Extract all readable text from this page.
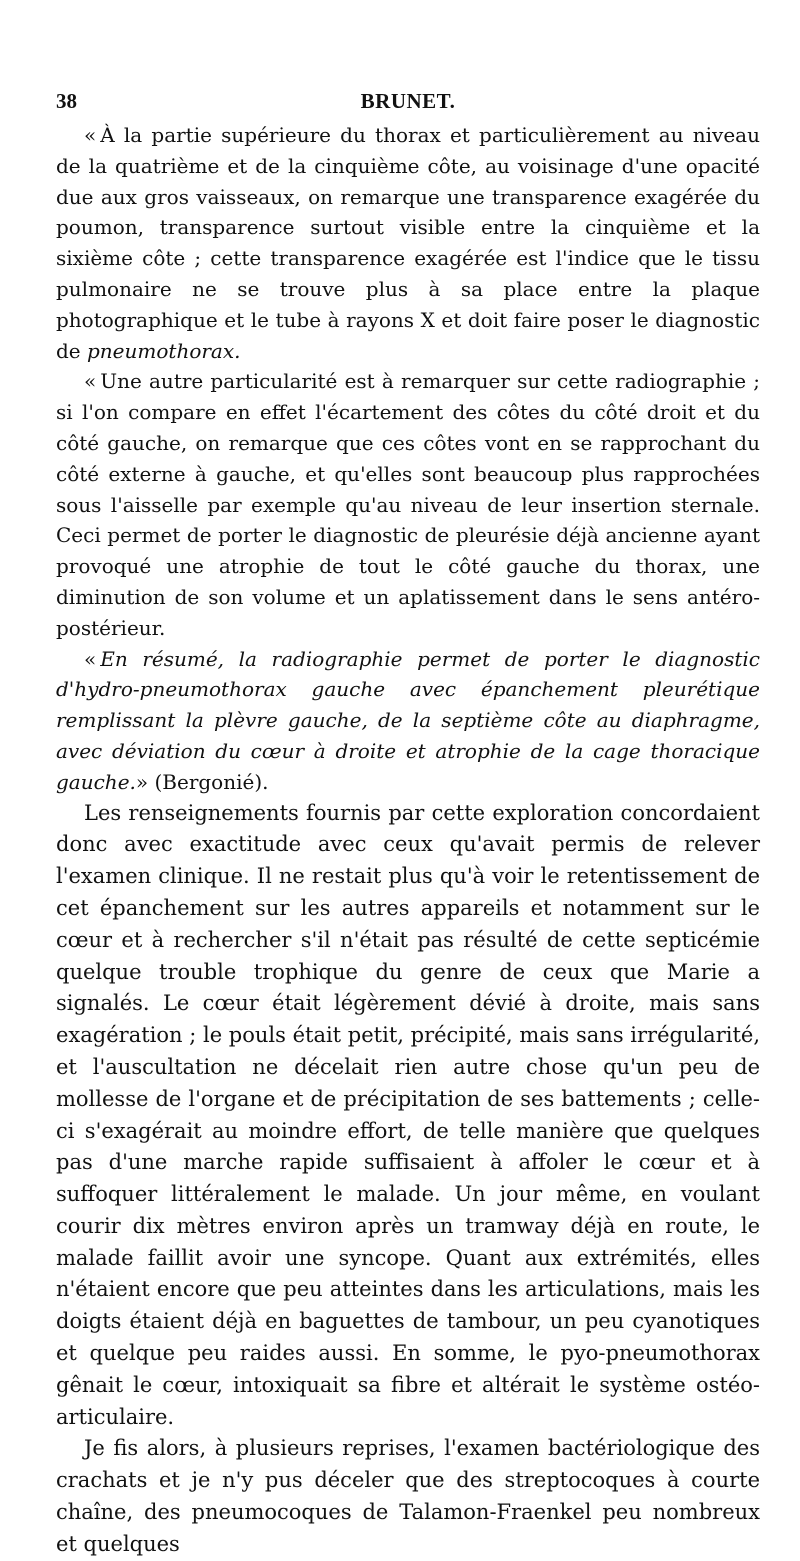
38	BRUNET.

« À la partie supérieure du thorax et particulièrement au niveau de la quatrième et de la cinquième côte, au voisinage d'une opacité due aux gros vaisseaux, on remarque une transparence exagérée du poumon, transparence surtout visible entre la cinquième et la sixième côte ; cette transparence exagérée est l'indice que le tissu pulmonaire ne se trouve plus à sa place entre la plaque photographique et le tube à rayons X et doit faire poser le diagnostic de pneumothorax.

« Une autre particularité est à remarquer sur cette radiographie ; si l'on compare en effet l'écartement des côtes du côté droit et du côté gauche, on remarque que ces côtes vont en se rapprochant du côté externe à gauche, et qu'elles sont beaucoup plus rapprochées sous l'aisselle par exemple qu'au niveau de leur insertion sternale. Ceci permet de porter le diagnostic de pleurésie déjà ancienne ayant provoqué une atrophie de tout le côté gauche du thorax, une diminution de son volume et un aplatissement dans le sens antéro-postérieur.

« En résumé, la radiographie permet de porter le diagnostic d'hydro-pneumothorax gauche avec épanchement pleurétique remplissant la plèvre gauche, de la septième côte au diaphragme, avec déviation du cœur à droite et atrophie de la cage thoracique gauche.» (Bergonié).

Les renseignements fournis par cette exploration concordaient donc avec exactitude avec ceux qu'avait permis de relever l'examen clinique. Il ne restait plus qu'à voir le retentissement de cet épanchement sur les autres appareils et notamment sur le cœur et à rechercher s'il n'était pas résulté de cette septicémie quelque trouble trophique du genre de ceux que Marie a signalés. Le cœur était légèrement dévié à droite, mais sans exagération ; le pouls était petit, précipité, mais sans irrégularité, et l'auscultation ne décelait rien autre chose qu'un peu de mollesse de l'organe et de précipitation de ses battements ; celle-ci s'exagérait au moindre effort, de telle manière que quelques pas d'une marche rapide suffisaient à affoler le cœur et à suffoquer littéralement le malade. Un jour même, en voulant courir dix mètres environ après un tramway déjà en route, le malade faillit avoir une syncope. Quant aux extrémités, elles n'étaient encore que peu atteintes dans les articulations, mais les doigts étaient déjà en baguettes de tambour, un peu cyanotiques et quelque peu raides aussi. En somme, le pyo-pneumothorax gênait le cœur, intoxiquait sa fibre et altérait le système ostéo-articulaire.

Je fis alors, à plusieurs reprises, l'examen bactériologique des crachats et je n'y pus déceler que des streptocoques à courte chaîne, des pneumocoques de Talamon-Fraenkel peu nombreux et quelques
